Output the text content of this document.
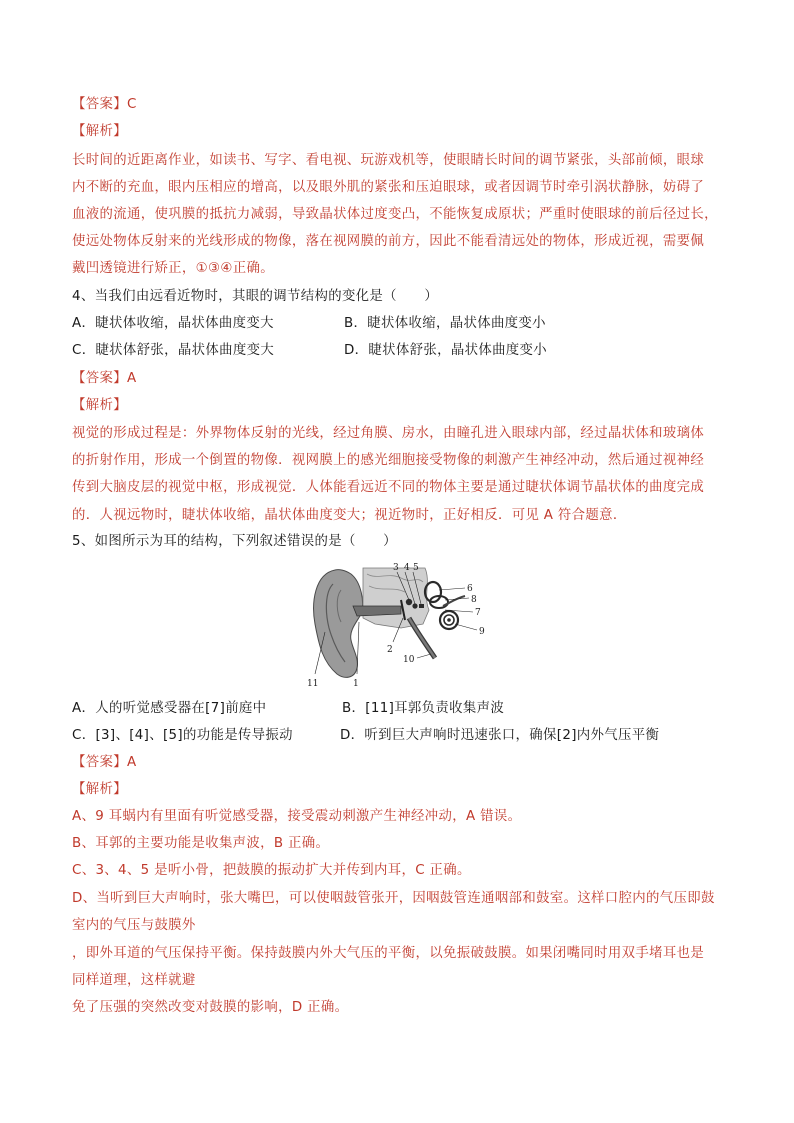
【答案】C
【解析】
长时间的近距离作业，如读书、写字、看电视、玩游戏机等，使眼睛长时间的调节紧张，头部前倾，眼球
内不断的充血，眼内压相应的增高，以及眼外肌的紧张和压迫眼球，或者因调节时牵引涡状静脉，妨碍了
血液的流通，使巩膜的抵抗力减弱，导致晶状体过度变凸，不能恢复成原状；严重时使眼球的前后径过长，
使远处物体反射来的光线形成的物像，落在视网膜的前方，因此不能看清远处的物体，形成近视，需要佩
戴凹透镜进行矫正，①③④正确。
4、当我们由远看近物时，其眼的调节结构的变化是（　　）
A．睫状体收缩，晶状体曲度变大	B．睫状体收缩，晶状体曲度变小
C．睫状体舒张，晶状体曲度变大	D．睫状体舒张，晶状体曲度变小
【答案】A
【解析】
视觉的形成过程是：外界物体反射的光线，经过角膜、房水，由瞳孔进入眼球内部，经过晶状体和玻璃体
的折射作用，形成一个倒置的物像．视网膜上的感光细胞接受物像的刺激产生神经冲动，然后通过视神经
传到大脑皮层的视觉中枢，形成视觉．人体能看远近不同的物体主要是通过睫状体调节晶状体的曲度完成
的．人视远物时，睫状体收缩，晶状体曲度变大；视近物时，正好相反．可见 A 符合题意．
5、如图所示为耳的结构，下列叙述错误的是（　　）
3 4 5
6
8
7
9
2
10
1
11
A．人的听觉感受器在[7]前庭中	B．[11]耳郭负责收集声波
C．[3]、[4]、[5]的功能是传导振动	D．听到巨大声响时迅速张口，确保[2]内外气压平衡
【答案】A
【解析】
A、9 耳蜗内有里面有听觉感受器，接受震动刺激产生神经冲动，A 错误。
B、耳郭的主要功能是收集声波，B 正确。
C、3、4、5 是听小骨，把鼓膜的振动扩大并传到内耳，C 正确。
D、当听到巨大声响时，张大嘴巴，可以使咽鼓管张开，因咽鼓管连通咽部和鼓室。这样口腔内的气压即鼓
室内的气压与鼓膜外
，即外耳道的气压保持平衡。保持鼓膜内外大气压的平衡，以免振破鼓膜。如果闭嘴同时用双手堵耳也是
同样道理，这样就避
免了压强的突然改变对鼓膜的影响，D 正确。
